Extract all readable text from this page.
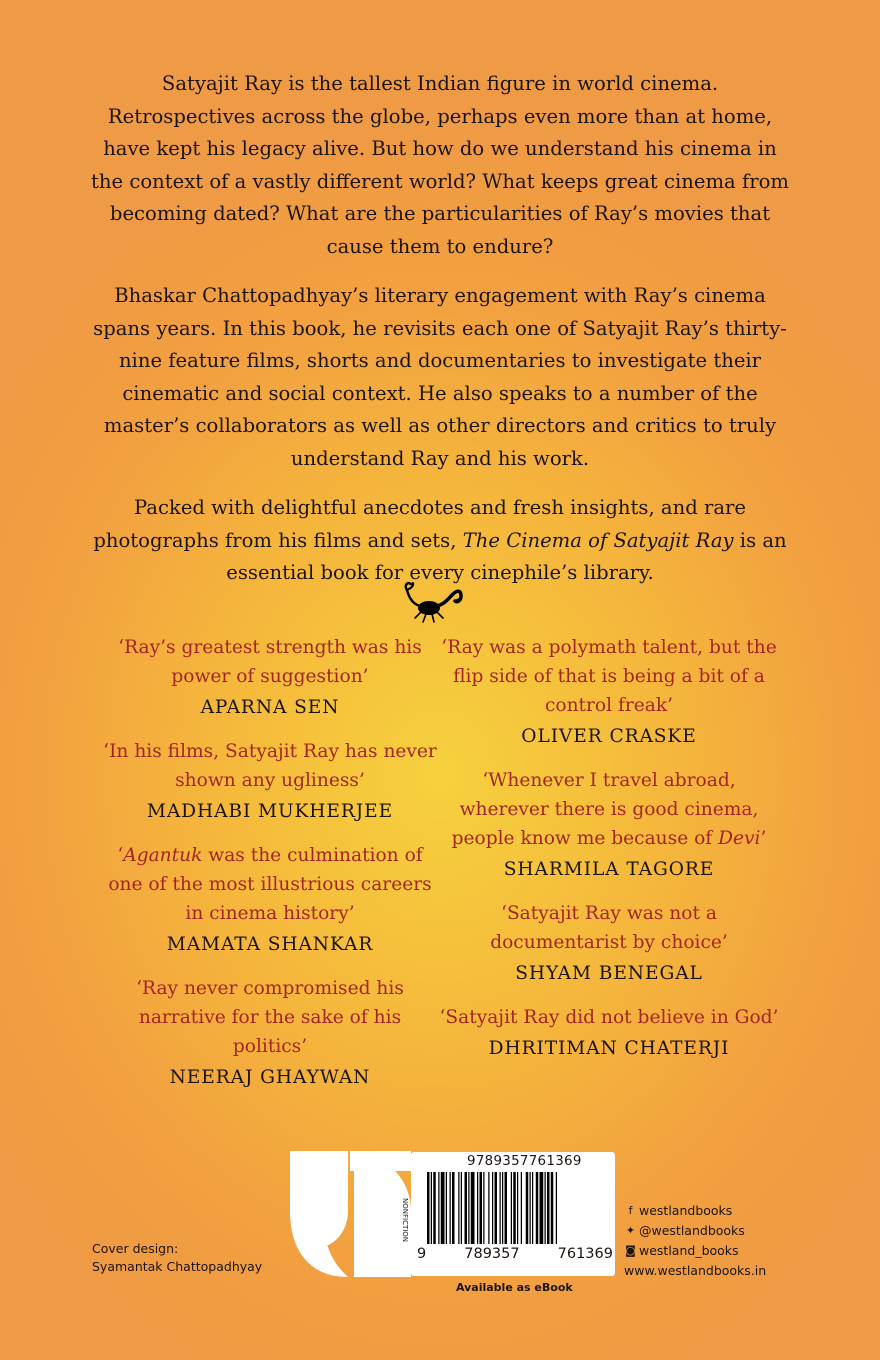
Satyajit Ray is the tallest Indian figure in world cinema. Retrospectives across the globe, perhaps even more than at home, have kept his legacy alive. But how do we understand his cinema in the context of a vastly different world? What keeps great cinema from becoming dated? What are the particularities of Ray’s movies that cause them to endure?

Bhaskar Chattopadhyay’s literary engagement with Ray’s cinema spans years. In this book, he revisits each one of Satyajit Ray’s thirty-nine feature films, shorts and documentaries to investigate their cinematic and social context. He also speaks to a number of the master’s collaborators as well as other directors and critics to truly understand Ray and his work.

Packed with delightful anecdotes and fresh insights, and rare photographs from his films and sets, The Cinema of Satyajit Ray is an essential book for every cinephile’s library.

‘Ray’s greatest strength was his power of suggestion’
APARNA SEN
‘In his films, Satyajit Ray has never shown any ugliness’
MADHABI MUKHERJEE
‘Agantuk was the culmination of one of the most illustrious careers in cinema history’
MAMATA SHANKAR
‘Ray never compromised his narrative for the sake of his politics’
NEERAJ GHAYWAN
‘Ray was a polymath talent, but the flip side of that is being a bit of a control freak’
OLIVER CRASKE
‘Whenever I travel abroad, wherever there is good cinema, people know me because of Devi’
SHARMILA TAGORE
‘Satyajit Ray was not a documentarist by choice’
SHYAM BENEGAL
‘Satyajit Ray did not believe in God’
DHRITIMAN CHATERJI
Cover design:
Syamantak Chattopadhyay
9789357761369
NONFICTION
9	789357	761369
Available as eBook
f westlandbooks
✦ @westlandbooks
◙ westland_books
www.westlandbooks.in
